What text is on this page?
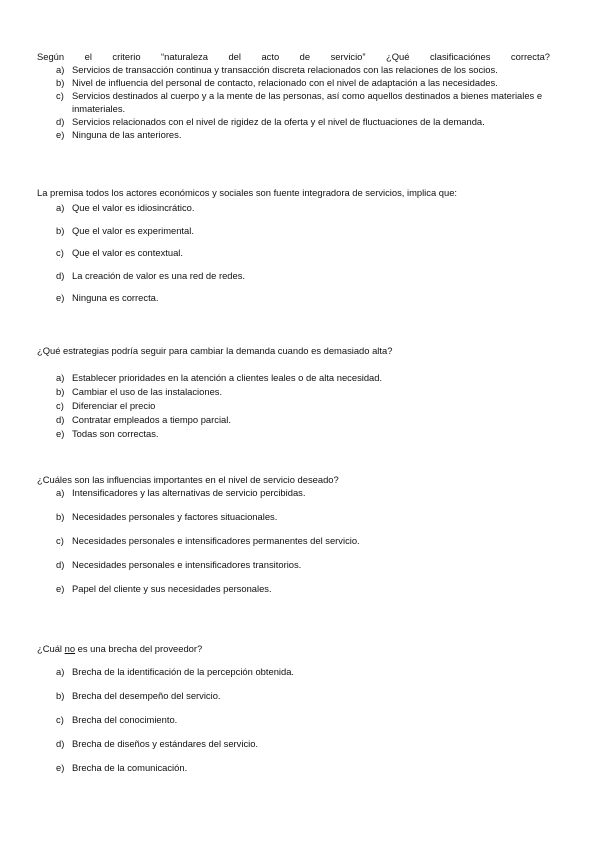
Según el criterio “naturaleza del acto de servicio” ¿Qué clasificaciónes correcta?

a) Servicios de transacción continua y transacción discreta relacionados con las relaciones de los socios.
b) Nivel de influencia del personal de contacto, relacionado con el nivel de adaptación a las necesidades.
c) Servicios destinados al cuerpo y a la mente de las personas, así como aquellos destinados a bienes materiales e inmateriales.
d) Servicios relacionados con el nivel de rigidez de la oferta y el nivel de fluctuaciones de la demanda.
e) Ninguna de las anteriores.

La premisa todos los actores económicos y sociales son fuente integradora de servicios, implica que:

a) Que el valor es idiosincrático.
b) Que el valor es experimental.
c) Que el valor es contextual.
d) La creación de valor es una red de redes.
e) Ninguna es correcta.

¿Qué estrategias podría seguir para cambiar la demanda cuando es demasiado alta?

a) Establecer prioridades en la atención a clientes leales o de alta necesidad.
b) Cambiar el uso de las instalaciones.
c) Diferenciar el precio
d) Contratar empleados a tiempo parcial.
e) Todas son correctas.

¿Cuáles son las influencias importantes en el nivel de servicio deseado?

a) Intensificadores y las alternativas de servicio percibidas.
b) Necesidades personales y factores situacionales.
c) Necesidades personales e intensificadores permanentes del servicio.
d) Necesidades personales e intensificadores transitorios.
e) Papel del cliente y sus necesidades personales.

¿Cuál no es una brecha del proveedor?

a) Brecha de la identificación de la percepción obtenida.
b) Brecha del desempeño del servicio.
c) Brecha del conocimiento.
d) Brecha de diseños y estándares del servicio.
e) Brecha de la comunicación.
